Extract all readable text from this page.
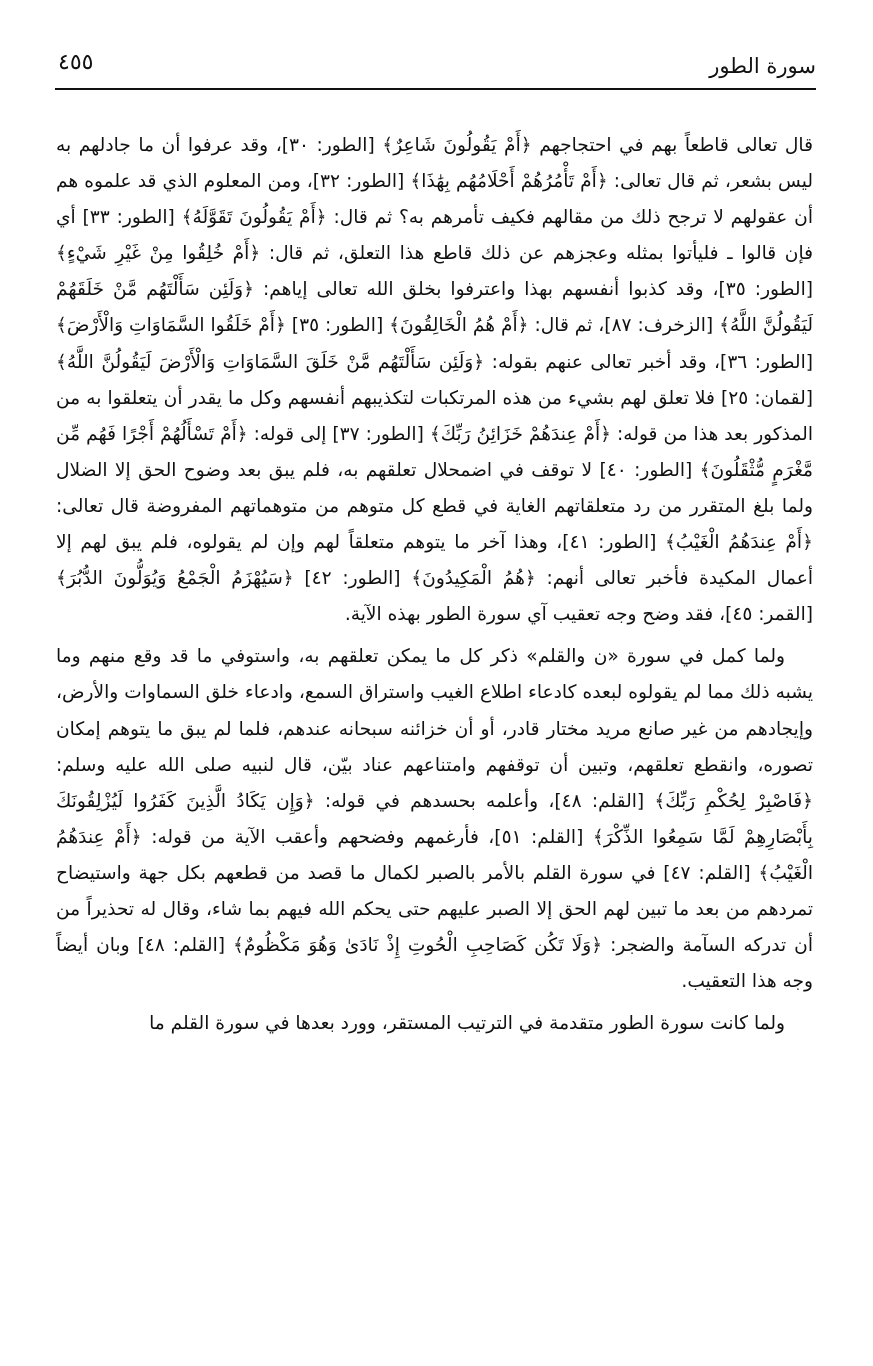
سورة الطور
٤٥٥

قال تعالى قاطعاً بهم في احتجاجهم ﴿أَمْ يَقُولُونَ شَاعِرٌ﴾ [الطور: ٣٠]، وقد عرفوا أن ما جادلهم به ليس بشعر، ثم قال تعالى: ﴿أَمْ تَأْمُرُهُمْ أَحْلَامُهُم بِهَٰذَا﴾ [الطور: ٣٢]، ومن المعلوم الذي قد علموه هم أن عقولهم لا ترجح ذلك من مقالهم فكيف تأمرهم به؟ ثم قال: ﴿أَمْ يَقُولُونَ تَقَوَّلَهُ﴾ [الطور: ٣٣] أي فإن قالوا ـ فليأتوا بمثله وعجزهم عن ذلك قاطع هذا التعلق، ثم قال: ﴿أَمْ خُلِقُوا مِنْ غَيْرِ شَيْءٍ﴾ [الطور: ٣٥]، وقد كذبوا أنفسهم بهذا واعترفوا بخلق الله تعالى إياهم: ﴿وَلَئِن سَأَلْتَهُم مَّنْ خَلَقَهُمْ لَيَقُولُنَّ اللَّهُ﴾ [الزخرف: ٨٧]، ثم قال: ﴿أَمْ هُمُ الْخَالِقُونَ﴾ [الطور: ٣٥] ﴿أَمْ خَلَقُوا السَّمَاوَاتِ وَالْأَرْضَ﴾ [الطور: ٣٦]، وقد أخبر تعالى عنهم بقوله: ﴿وَلَئِن سَأَلْتَهُم مَّنْ خَلَقَ السَّمَاوَاتِ وَالْأَرْضَ لَيَقُولُنَّ اللَّهُ﴾ [لقمان: ٢٥] فلا تعلق لهم بشيء من هذه المرتكبات لتكذيبهم أنفسهم وكل ما يقدر أن يتعلقوا به من المذكور بعد هذا من قوله: ﴿أَمْ عِندَهُمْ خَزَائِنُ رَبِّكَ﴾ [الطور: ٣٧] إلى قوله: ﴿أَمْ تَسْأَلُهُمْ أَجْرًا فَهُم مِّن مَّغْرَمٍ مُّثْقَلُونَ﴾ [الطور: ٤٠] لا توقف في اضمحلال تعلقهم به، فلم يبق بعد وضوح الحق إلا الضلال ولما بلغ المتقرر من رد متعلقاتهم الغاية في قطع كل متوهم من متوهماتهم المفروضة قال تعالى: ﴿أَمْ عِندَهُمُ الْغَيْبُ﴾ [الطور: ٤١]، وهذا آخر ما يتوهم متعلقاً لهم وإن لم يقولوه، فلم يبق لهم إلا أعمال المكيدة فأخبر تعالى أنهم: ﴿هُمُ الْمَكِيدُونَ﴾ [الطور: ٤٢] ﴿سَيُهْزَمُ الْجَمْعُ وَيُوَلُّونَ الدُّبُرَ﴾ [القمر: ٤٥]، فقد وضح وجه تعقيب آي سورة الطور بهذه الآية.

ولما كمل في سورة «ن والقلم» ذكر كل ما يمكن تعلقهم به، واستوفي ما قد وقع منهم وما يشبه ذلك مما لم يقولوه لبعده كادعاء اطلاع الغيب واستراق السمع، وادعاء خلق السماوات والأرض، وإيجادهم من غير صانع مريد مختار قادر، أو أن خزائنه سبحانه عندهم، فلما لم يبق ما يتوهم إمكان تصوره، وانقطع تعلقهم، وتبين أن توقفهم وامتناعهم عناد بيّن، قال لنبيه صلى الله عليه وسلم: ﴿فَاصْبِرْ لِحُكْمِ رَبِّكَ﴾ [القلم: ٤٨]، وأعلمه بحسدهم في قوله: ﴿وَإِن يَكَادُ الَّذِينَ كَفَرُوا لَيُزْلِقُونَكَ بِأَبْصَارِهِمْ لَمَّا سَمِعُوا الذِّكْرَ﴾ [القلم: ٥١]، فأرغمهم وفضحهم وأعقب الآية من قوله: ﴿أَمْ عِندَهُمُ الْغَيْبُ﴾ [القلم: ٤٧] في سورة القلم بالأمر بالصبر لكمال ما قصد من قطعهم بكل جهة واستيضاح تمردهم من بعد ما تبين لهم الحق إلا الصبر عليهم حتى يحكم الله فيهم بما شاء، وقال له تحذيراً من أن تدركه السآمة والضجر: ﴿وَلَا تَكُن كَصَاحِبِ الْحُوتِ إِذْ نَادَىٰ وَهُوَ مَكْظُومٌ﴾ [القلم: ٤٨] وبان أيضاً وجه هذا التعقيب.

ولما كانت سورة الطور متقدمة في الترتيب المستقر، وورد بعدها في سورة القلم ما
